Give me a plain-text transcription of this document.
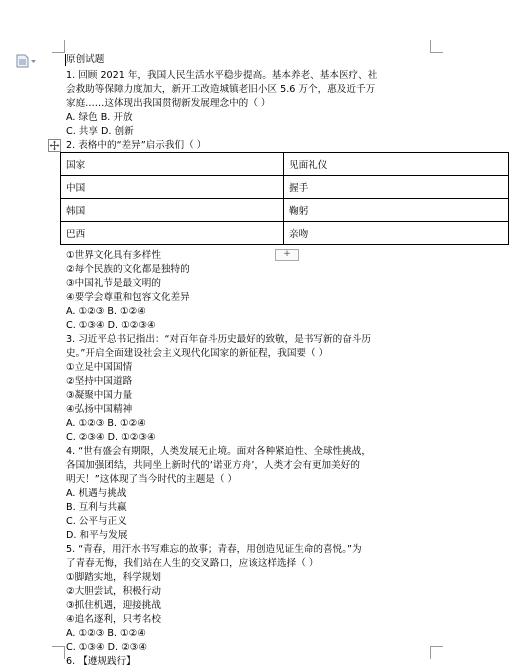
原创试题
1. 回顾 2021 年，我国人民生活水平稳步提高。基本养老、基本医疗、社
会救助等保障力度加大，新开工改造城镇老旧小区 5.6 万个，惠及近千万
家庭……这体现出我国贯彻新发展理念中的（ ）
A. 绿色 B. 开放
C. 共享 D. 创新
2. 表格中的“差异”启示我们（ ）
国家	见面礼仪
中国	握手
韩国	鞠躬
巴西	亲吻
+
①世界文化具有多样性
②每个民族的文化都是独特的
③中国礼节是最文明的
④要学会尊重和包容文化差异
A. ①②③ B. ①②④
C. ①③④ D. ①②③④
3. 习近平总书记指出：“对百年奋斗历史最好的致敬，是书写新的奋斗历
史。”开启全面建设社会主义现代化国家的新征程，我国要（ ）
①立足中国国情
②坚持中国道路
③凝聚中国力量
④弘扬中国精神
A. ①②③ B. ①②④
C. ②③④ D. ①②③④
4. “世有盛会有期限，人类发展无止境。面对各种紧迫性、全球性挑战，
各国加强团结，共同坐上新时代的‘诺亚方舟’，人类才会有更加美好的
明天！”这体现了当今时代的主题是（ ）
A. 机遇与挑战
B. 互利与共赢
C. 公平与正义
D. 和平与发展
5. “青春，用汗水书写难忘的故事；青春，用创造见证生命的喜悦。”为
了青春无悔，我们站在人生的交叉路口，应该这样选择（ ）
①脚踏实地，科学规划
②大胆尝试，积极行动
③抓住机遇，迎接挑战
④追名逐利，只考名校
A. ①②③ B. ①②④
C. ①③④ D. ②③④
6. 【遵规践行】
